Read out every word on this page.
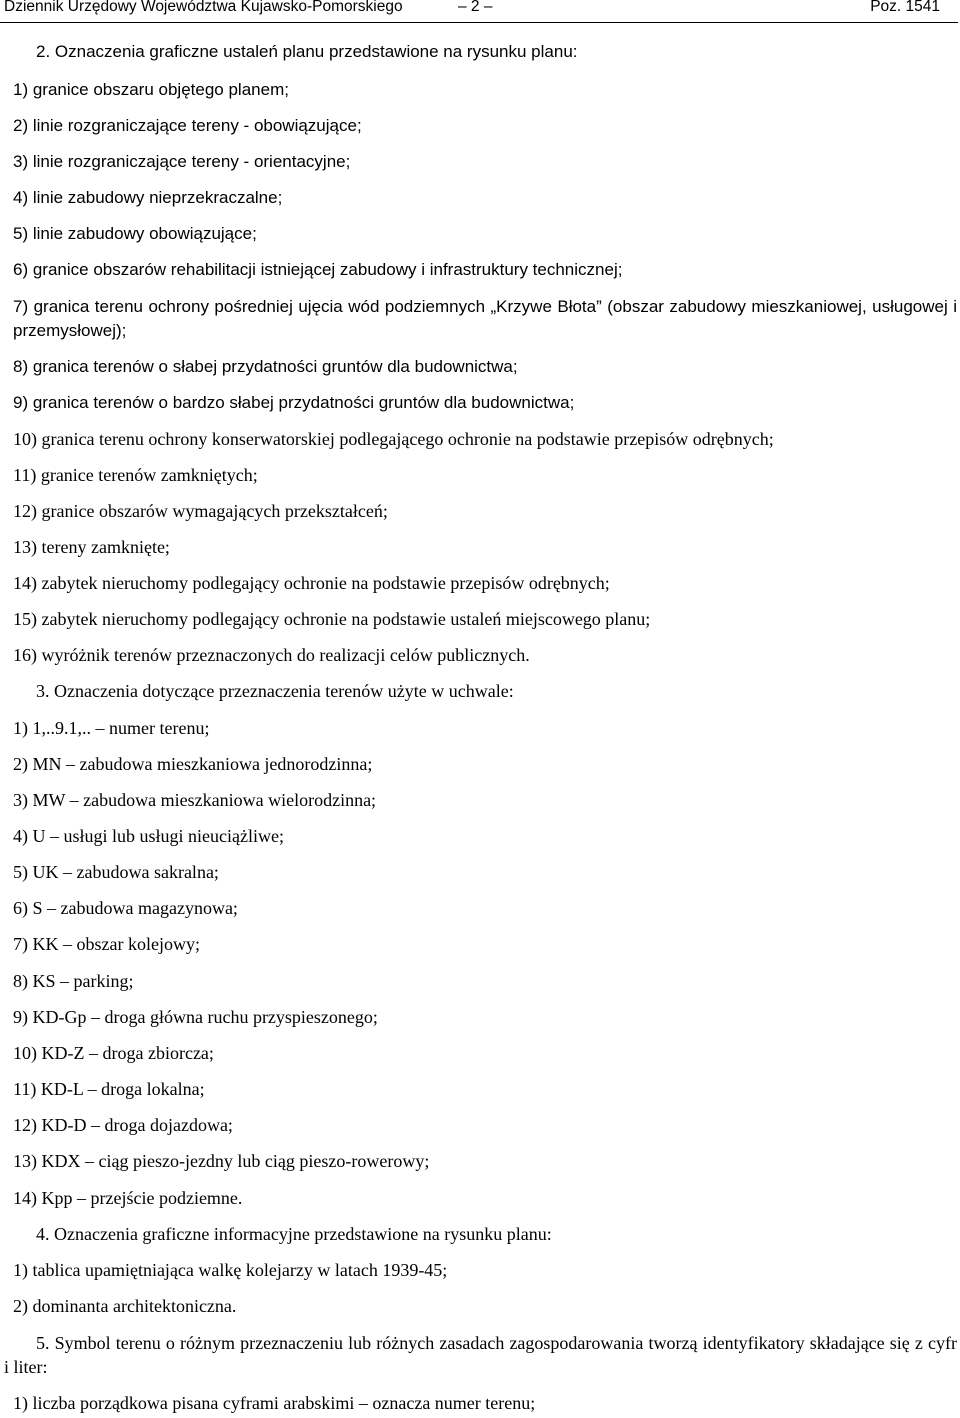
Dziennik Urzędowy Województwa Kujawsko-Pomorskiego	– 2 –	Poz. 1541
2. Oznaczenia graficzne ustaleń planu przedstawione na rysunku planu:
1) granice obszaru objętego planem;
2) linie rozgraniczające tereny - obowiązujące;
3) linie rozgraniczające tereny - orientacyjne;
4) linie zabudowy nieprzekraczalne;
5) linie zabudowy obowiązujące;
6) granice obszarów rehabilitacji istniejącej zabudowy i infrastruktury technicznej;
7) granica terenu ochrony pośredniej ujęcia wód podziemnych „Krzywe Błota” (obszar zabudowy mieszkaniowej, usługowej i przemysłowej);
8) granica terenów o słabej przydatności gruntów dla budownictwa;
9) granica terenów o bardzo słabej przydatności gruntów dla budownictwa;
10) granica terenu ochrony konserwatorskiej podlegającego ochronie na podstawie przepisów odrębnych;
11) granice terenów zamkniętych;
12) granice obszarów wymagających przekształceń;
13) tereny zamknięte;
14) zabytek nieruchomy podlegający ochronie na podstawie przepisów odrębnych;
15) zabytek nieruchomy podlegający ochronie na podstawie ustaleń miejscowego planu;
16) wyróżnik terenów przeznaczonych do realizacji celów publicznych.
3. Oznaczenia dotyczące przeznaczenia terenów użyte w uchwale:
1) 1,..9.1,.. – numer terenu;
2) MN – zabudowa mieszkaniowa jednorodzinna;
3) MW – zabudowa mieszkaniowa wielorodzinna;
4) U – usługi lub usługi nieuciążliwe;
5) UK – zabudowa sakralna;
6) S – zabudowa magazynowa;
7) KK – obszar kolejowy;
8) KS – parking;
9) KD-Gp – droga główna ruchu przyspieszonego;
10) KD-Z – droga zbiorcza;
11) KD-L – droga lokalna;
12) KD-D – droga dojazdowa;
13) KDX – ciąg pieszo-jezdny lub ciąg pieszo-rowerowy;
14) Kpp – przejście podziemne.
4. Oznaczenia graficzne informacyjne przedstawione na rysunku planu:
1) tablica upamiętniająca walkę kolejarzy w latach 1939-45;
2) dominanta architektoniczna.
5. Symbol terenu o różnym przeznaczeniu lub różnych zasadach zagospodarowania tworzą identyfikatory składające się z cyfr i liter:
1) liczba porządkowa pisana cyframi arabskimi – oznacza numer terenu;
